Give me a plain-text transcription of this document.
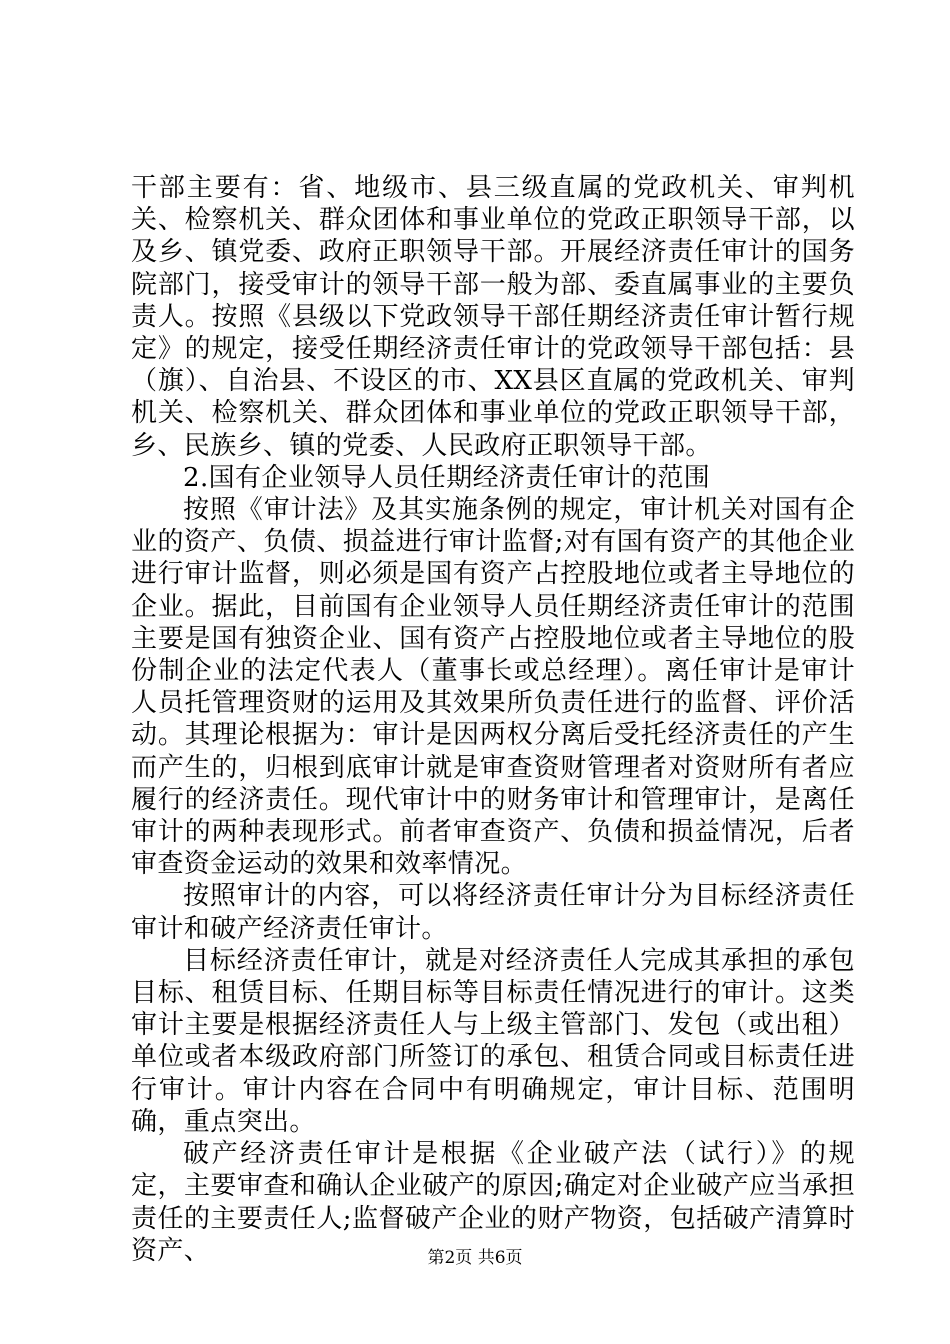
干部主要有：省、地级市、县三级直属的党政机关、审判机关、检察机关、群众团体和事业单位的党政正职领导干部，以及乡、镇党委、政府正职领导干部。开展经济责任审计的国务院部门，接受审计的领导干部一般为部、委直属事业的主要负责人。按照《县级以下党政领导干部任期经济责任审计暂行规定》的规定，接受任期经济责任审计的党政领导干部包括：县（旗）、自治县、不设区的市、XX县区直属的党政机关、审判机关、检察机关、群众团体和事业单位的党政正职领导干部，乡、民族乡、镇的党委、人民政府正职领导干部。

2.国有企业领导人员任期经济责任审计的范围

按照《审计法》及其实施条例的规定，审计机关对国有企业的资产、负债、损益进行审计监督;对有国有资产的其他企业进行审计监督，则必须是国有资产占控股地位或者主导地位的企业。据此，目前国有企业领导人员任期经济责任审计的范围主要是国有独资企业、国有资产占控股地位或者主导地位的股份制企业的法定代表人（董事长或总经理）。离任审计是审计人员托管理资财的运用及其效果所负责任进行的监督、评价活动。其理论根据为：审计是因两权分离后受托经济责任的产生而产生的，归根到底审计就是审查资财管理者对资财所有者应履行的经济责任。现代审计中的财务审计和管理审计，是离任审计的两种表现形式。前者审查资产、负债和损益情况，后者审查资金运动的效果和效率情况。

按照审计的内容，可以将经济责任审计分为目标经济责任审计和破产经济责任审计。

目标经济责任审计，就是对经济责任人完成其承担的承包目标、租赁目标、任期目标等目标责任情况进行的审计。这类审计主要是根据经济责任人与上级主管部门、发包（或出租）单位或者本级政府部门所签订的承包、租赁合同或目标责任进行审计。审计内容在合同中有明确规定，审计目标、范围明确，重点突出。

破产经济责任审计是根据《企业破产法（试行）》的规定，主要审查和确认企业破产的原因;确定对企业破产应当承担责任的主要责任人;监督破产企业的财产物资，包括破产清算时资产、	第2页 共6页
